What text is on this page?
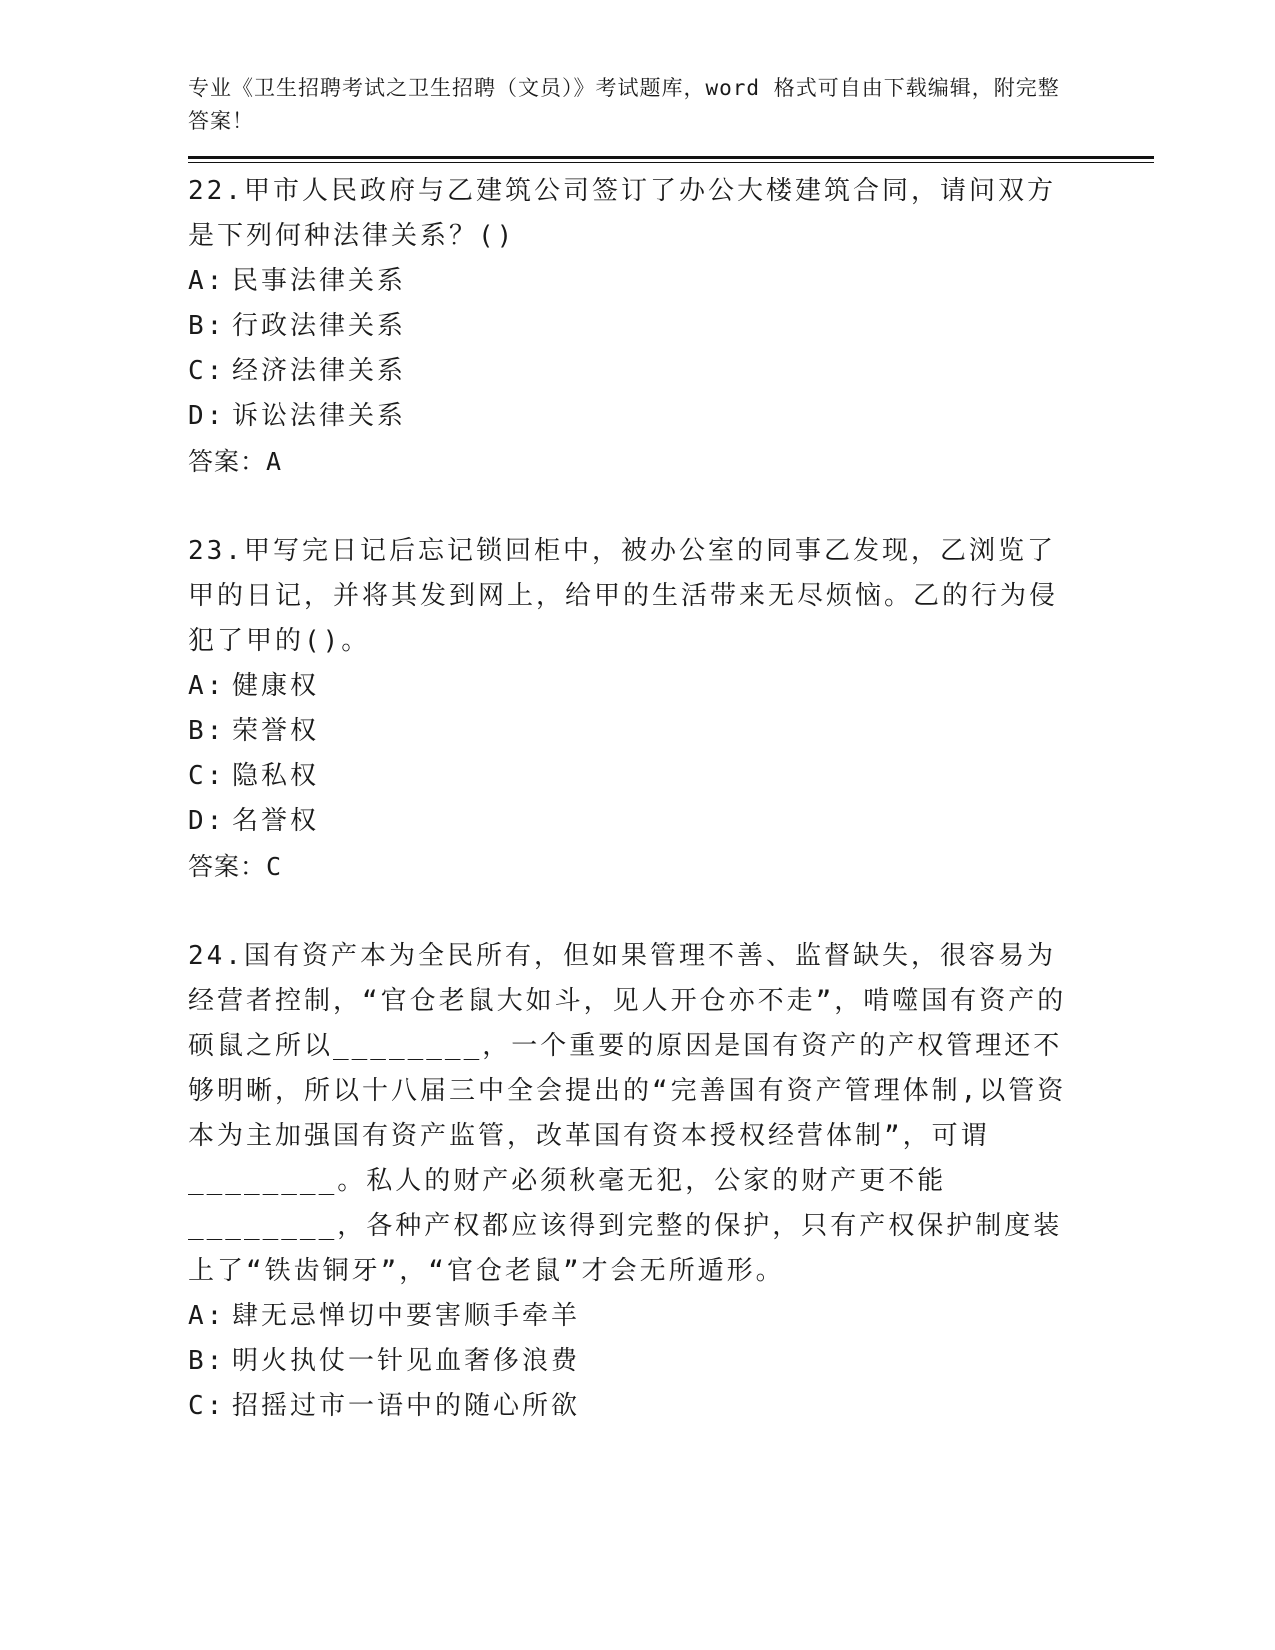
专业《卫生招聘考试之卫生招聘（文员）》考试题库，word 格式可自由下载编辑，附完整答案！

22.甲市人民政府与乙建筑公司签订了办公大楼建筑合同，请问双方是下列何种法律关系？()

A: 民事法律关系

B: 行政法律关系

C: 经济法律关系

D: 诉讼法律关系

答案：A

23.甲写完日记后忘记锁回柜中，被办公室的同事乙发现，乙浏览了甲的日记，并将其发到网上，给甲的生活带来无尽烦恼。乙的行为侵犯了甲的()。

A: 健康权

B: 荣誉权

C: 隐私权

D: 名誉权

答案：C

24.国有资产本为全民所有，但如果管理不善、监督缺失，很容易为经营者控制，“官仓老鼠大如斗，见人开仓亦不走”，啃噬国有资产的硕鼠之所以________，一个重要的原因是国有资产的产权管理还不够明晰，所以十八届三中全会提出的“完善国有资产管理体制,以管资本为主加强国有资产监管，改革国有资本授权经营体制”，可谓________。私人的财产必须秋毫无犯，公家的财产更不能________，各种产权都应该得到完整的保护，只有产权保护制度装上了“铁齿铜牙”，“官仓老鼠”才会无所遁形。

A: 肆无忌惮切中要害顺手牵羊

B: 明火执仗一针见血奢侈浪费

C: 招摇过市一语中的随心所欲
